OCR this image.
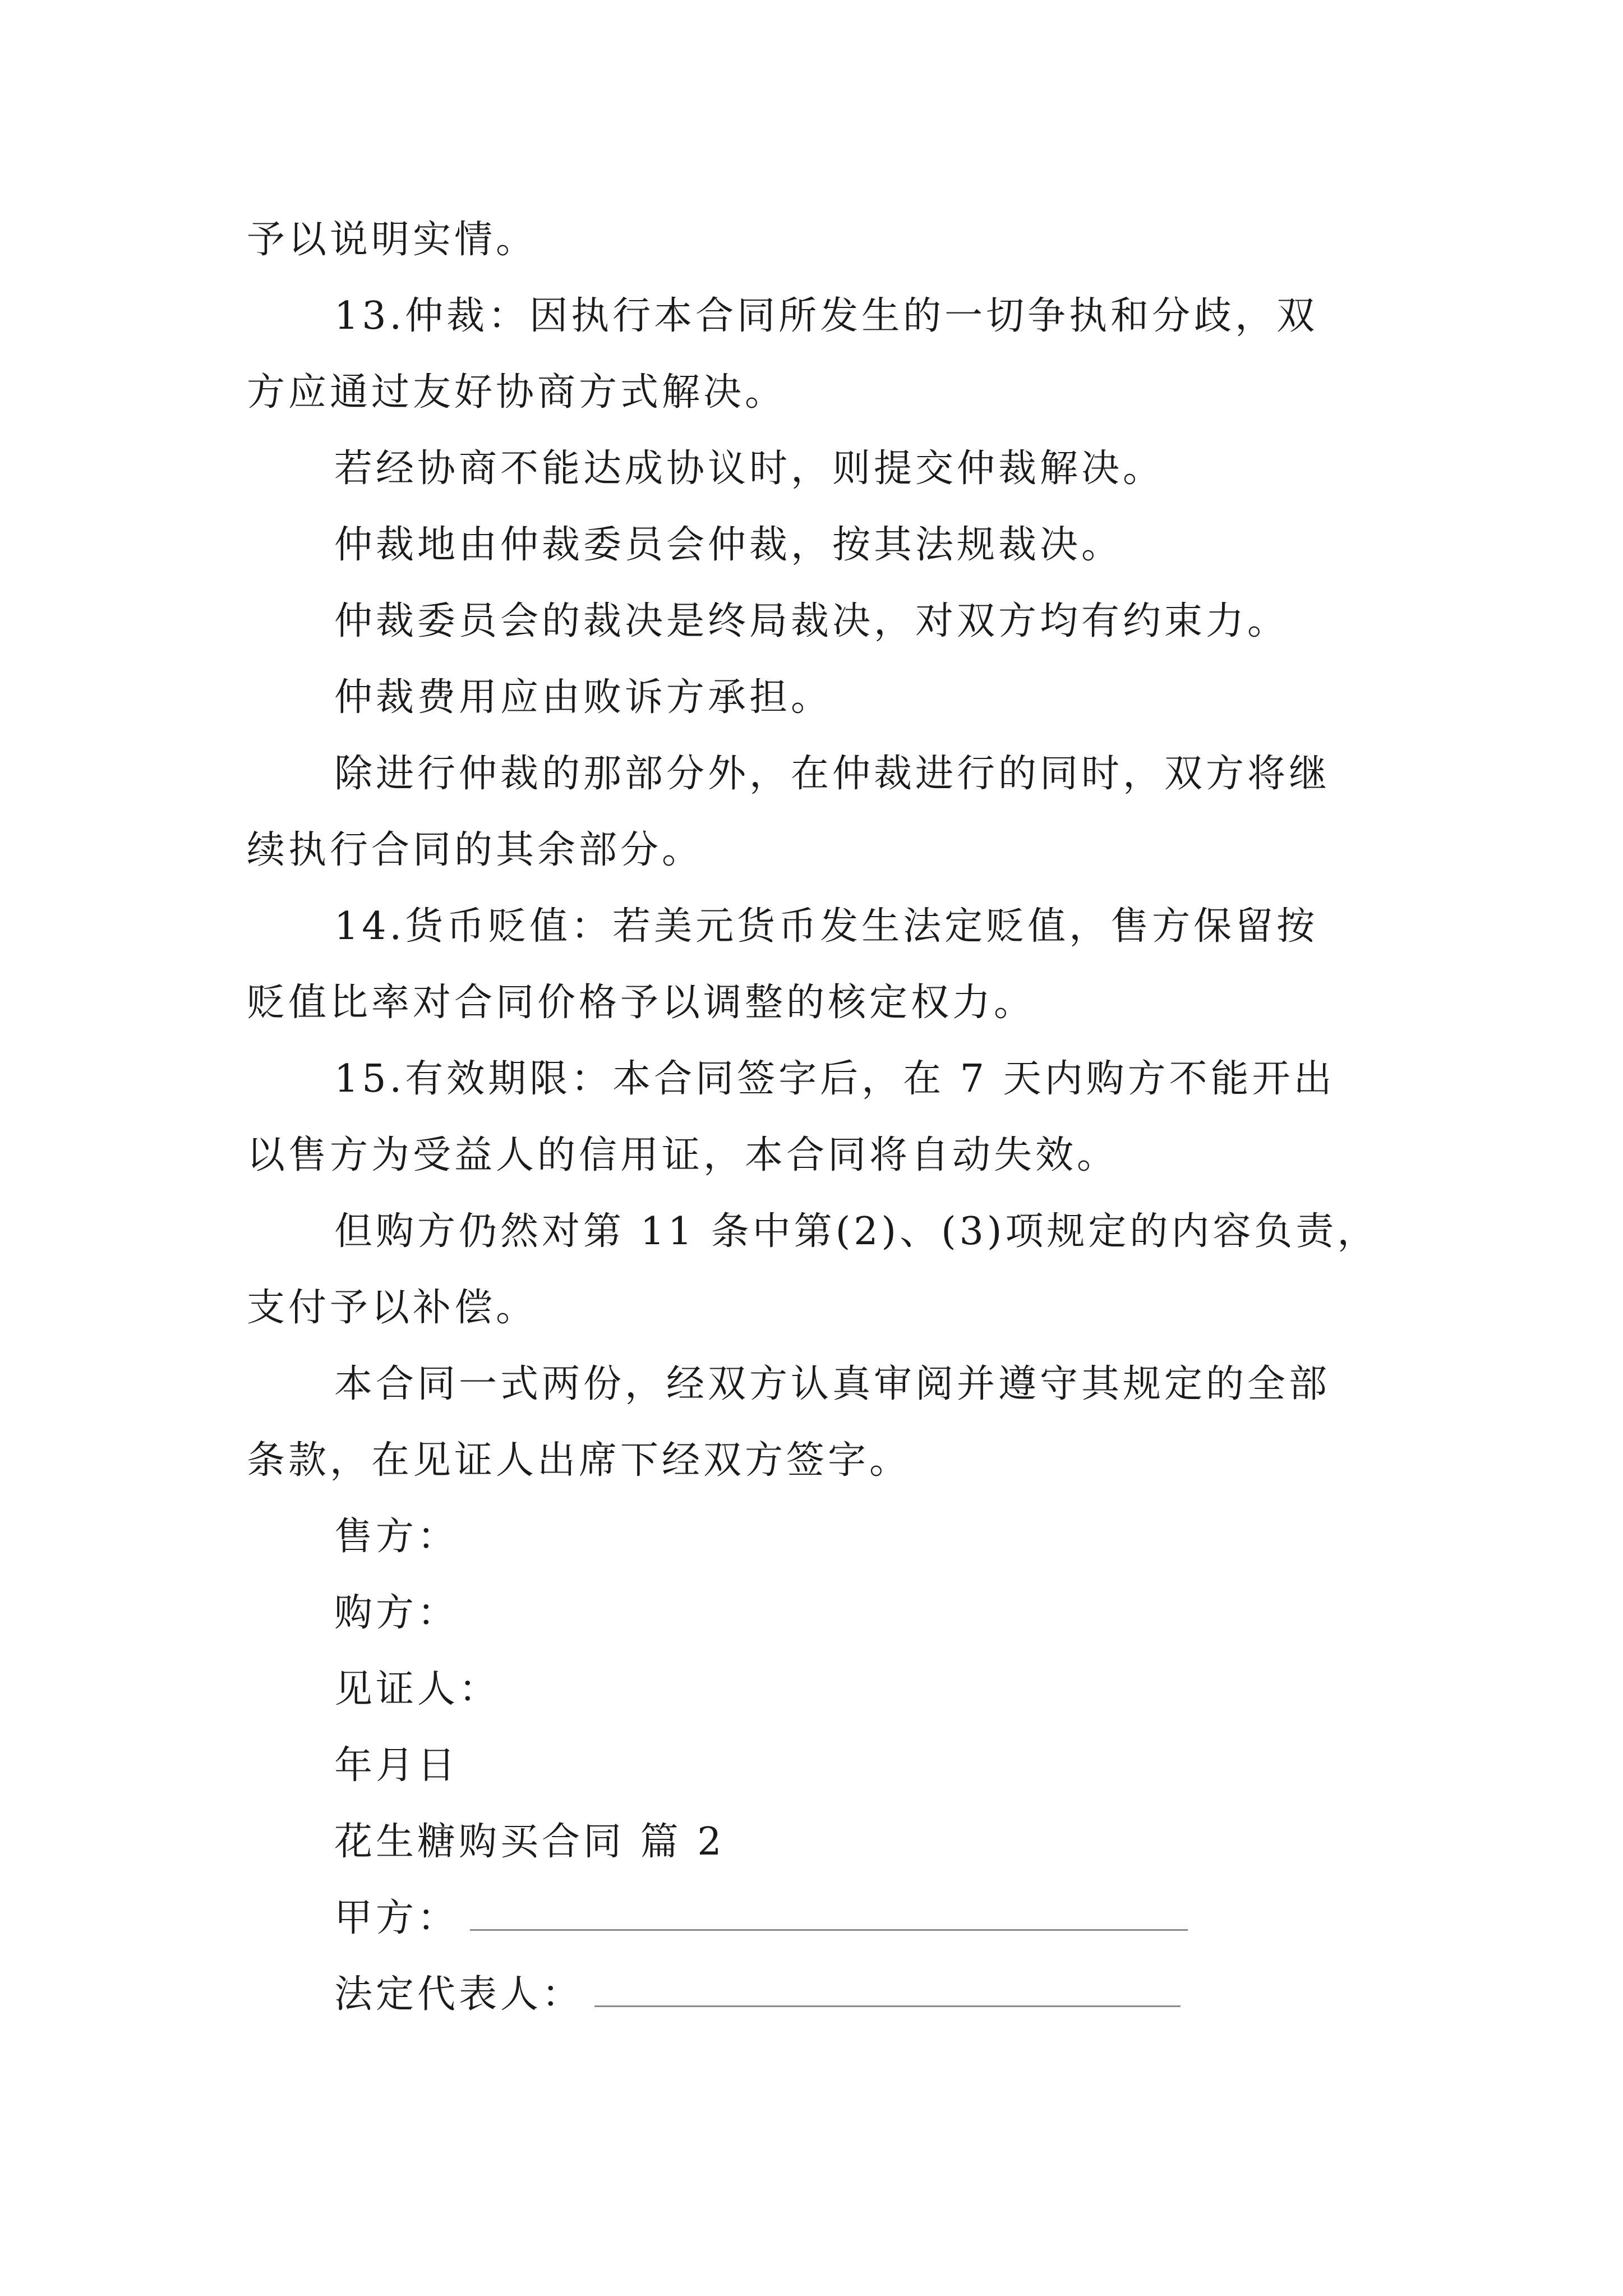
予以说明实情。
13.仲裁：因执行本合同所发生的一切争执和分歧，双
方应通过友好协商方式解决。
若经协商不能达成协议时，则提交仲裁解决。
仲裁地由仲裁委员会仲裁，按其法规裁决。
仲裁委员会的裁决是终局裁决，对双方均有约束力。
仲裁费用应由败诉方承担。
除进行仲裁的那部分外，在仲裁进行的同时，双方将继
续执行合同的其余部分。
14.货币贬值：若美元货币发生法定贬值，售方保留按
贬值比率对合同价格予以调整的核定权力。
15.有效期限：本合同签字后，在 7 天内购方不能开出
以售方为受益人的信用证，本合同将自动失效。
但购方仍然对第 11 条中第(2)、(3)项规定的内容负责，
支付予以补偿。
本合同一式两份，经双方认真审阅并遵守其规定的全部
条款，在见证人出席下经双方签字。
售方：
购方：
见证人：
年月日
花生糖购买合同 篇 2
甲方：
法定代表人：
